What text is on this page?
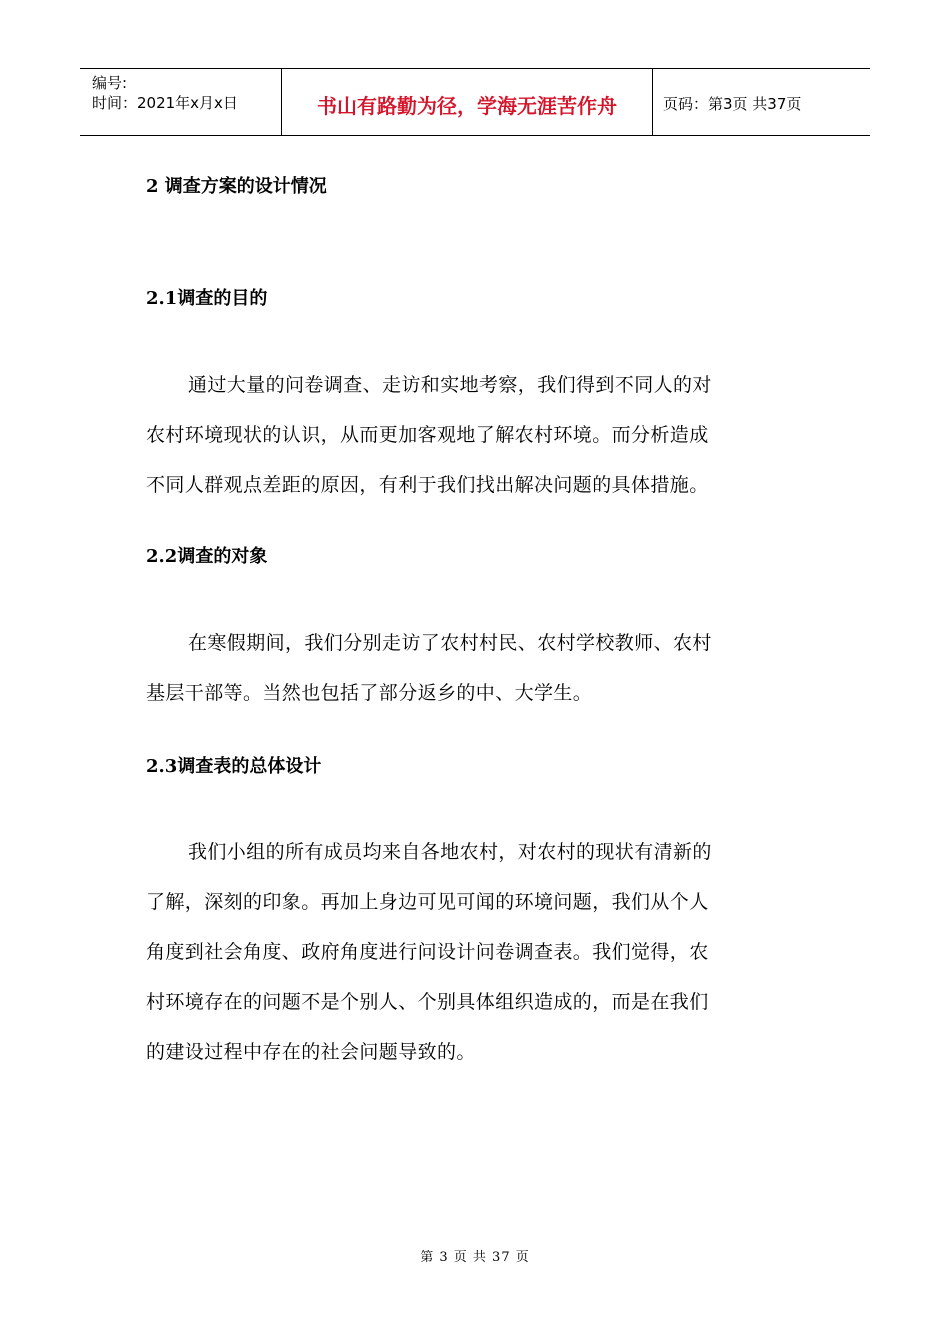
编号:
时间：2021年x月x日	书山有路勤为径，学海无涯苦作舟	页码：第3页 共37页
2 调查方案的设计情况
2.1调查的目的
通过大量的问卷调查、走访和实地考察，我们得到不同人的对
农村环境现状的认识，从而更加客观地了解农村环境。而分析造成
不同人群观点差距的原因，有利于我们找出解决问题的具体措施。
2.2调查的对象
在寒假期间，我们分别走访了农村村民、农村学校教师、农村
基层干部等。当然也包括了部分返乡的中、大学生。
2.3调查表的总体设计
我们小组的所有成员均来自各地农村，对农村的现状有清新的
了解，深刻的印象。再加上身边可见可闻的环境问题，我们从个人
角度到社会角度、政府角度进行问设计问卷调查表。我们觉得，农
村环境存在的问题不是个别人、个别具体组织造成的，而是在我们
的建设过程中存在的社会问题导致的。
第 3 页 共 37 页
